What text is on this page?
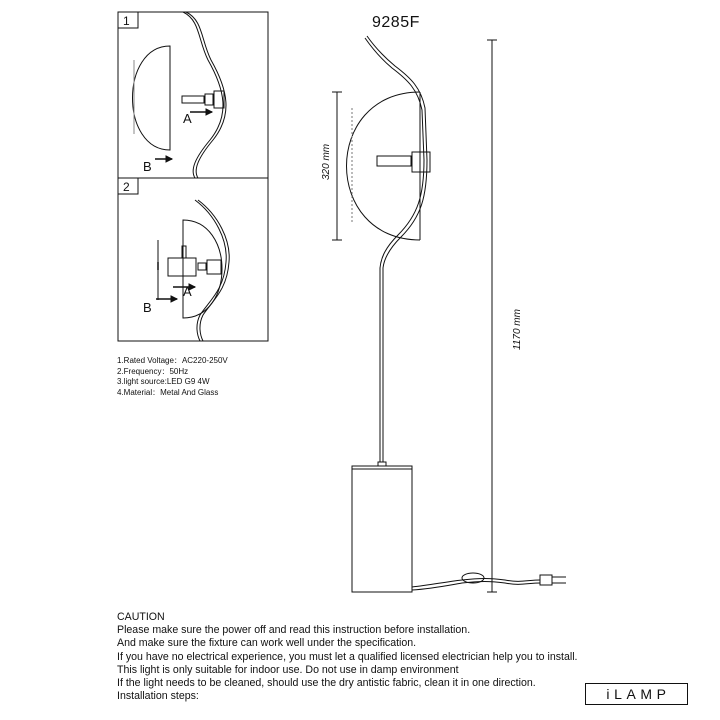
1
A
B
2
A
B
320 mm
1170 mm
9285F
1.Rated Voltage：AC220-250V
2.Frequency：50Hz
3.light source:LED G9 4W
4.Material：Metal And Glass
CAUTION
Please make sure the power off and read this instruction before installation.
And make sure the fixture can work well under the specification.
If you have no electrical experience, you must let a qualified licensed electrician help you to install.
This light is only suitable for indoor use. Do not use in damp environment
If the light needs to be cleaned, should use the dry antistic fabric, clean it in one direction.
Installation steps:	iLAMP
